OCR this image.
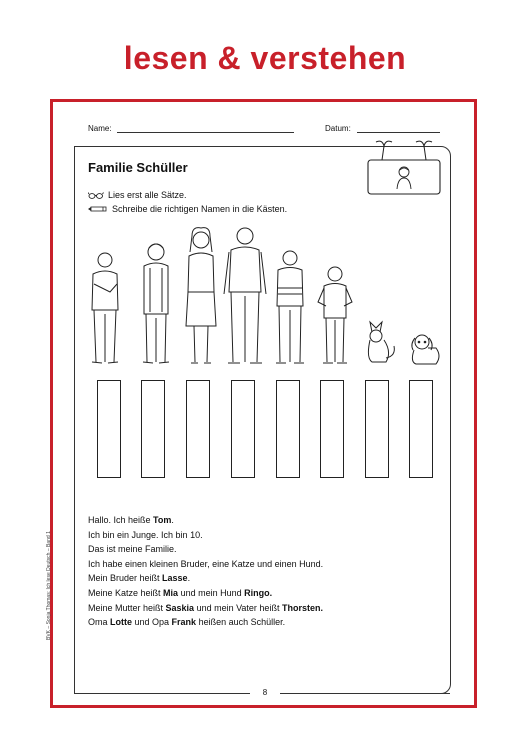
lesen & verstehen
Name:	Datum:
Familie Schüller
Lies erst alle Sätze.
Schreibe die richtigen Namen in die Kästen.

Hallo. Ich heiße Tom.

Ich bin ein Junge. Ich bin 10.

Das ist meine Familie.

Ich habe einen kleinen Bruder, eine Katze und einen Hund.

Mein Bruder heißt Lasse.

Meine Katze heißt Mia und mein Hund Ringo.

Meine Mutter heißt Saskia und mein Vater heißt Thorsten.

Oma Lotte und Opa Frank heißen auch Schüller.

BVK – Sonja Thomas: Ich lese Deutsch – Band 1
8
